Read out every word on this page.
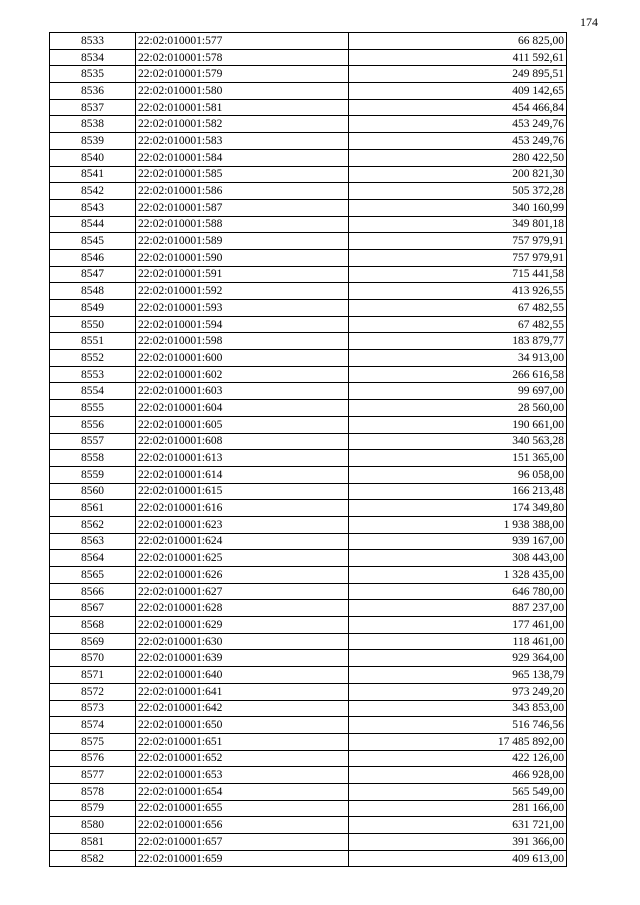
174
8533	22:02:010001:577	66 825,00
8534	22:02:010001:578	411 592,61
8535	22:02:010001:579	249 895,51
8536	22:02:010001:580	409 142,65
8537	22:02:010001:581	454 466,84
8538	22:02:010001:582	453 249,76
8539	22:02:010001:583	453 249,76
8540	22:02:010001:584	280 422,50
8541	22:02:010001:585	200 821,30
8542	22:02:010001:586	505 372,28
8543	22:02:010001:587	340 160,99
8544	22:02:010001:588	349 801,18
8545	22:02:010001:589	757 979,91
8546	22:02:010001:590	757 979,91
8547	22:02:010001:591	715 441,58
8548	22:02:010001:592	413 926,55
8549	22:02:010001:593	67 482,55
8550	22:02:010001:594	67 482,55
8551	22:02:010001:598	183 879,77
8552	22:02:010001:600	34 913,00
8553	22:02:010001:602	266 616,58
8554	22:02:010001:603	99 697,00
8555	22:02:010001:604	28 560,00
8556	22:02:010001:605	190 661,00
8557	22:02:010001:608	340 563,28
8558	22:02:010001:613	151 365,00
8559	22:02:010001:614	96 058,00
8560	22:02:010001:615	166 213,48
8561	22:02:010001:616	174 349,80
8562	22:02:010001:623	1 938 388,00
8563	22:02:010001:624	939 167,00
8564	22:02:010001:625	308 443,00
8565	22:02:010001:626	1 328 435,00
8566	22:02:010001:627	646 780,00
8567	22:02:010001:628	887 237,00
8568	22:02:010001:629	177 461,00
8569	22:02:010001:630	118 461,00
8570	22:02:010001:639	929 364,00
8571	22:02:010001:640	965 138,79
8572	22:02:010001:641	973 249,20
8573	22:02:010001:642	343 853,00
8574	22:02:010001:650	516 746,56
8575	22:02:010001:651	17 485 892,00
8576	22:02:010001:652	422 126,00
8577	22:02:010001:653	466 928,00
8578	22:02:010001:654	565 549,00
8579	22:02:010001:655	281 166,00
8580	22:02:010001:656	631 721,00
8581	22:02:010001:657	391 366,00
8582	22:02:010001:659	409 613,00
